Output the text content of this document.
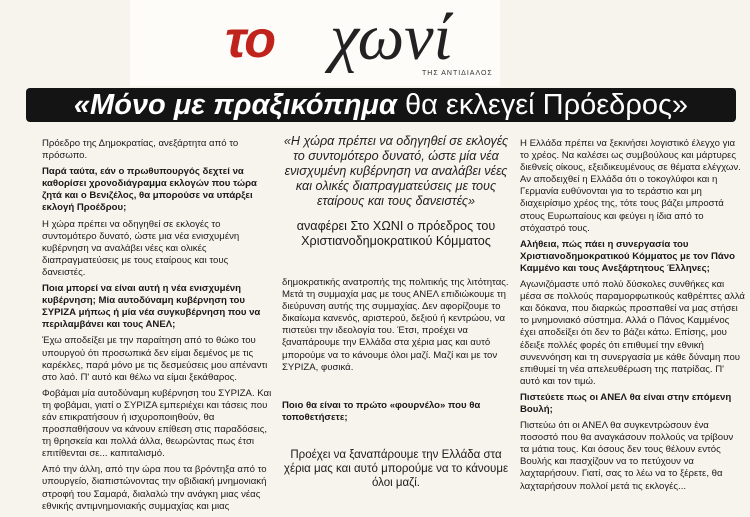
το χωνί
ΤΗΣ ΑΝΤΙΔΙΑΛΟΣ
«Μόνο με πραξικόπημα θα εκλεγεί Πρόεδρος»

Πρόεδρο της Δημοκρατίας, ανεξάρτητα από το πρόσωπο.

Παρά ταύτα, εάν ο πρωθυπουργός δεχτεί να καθορίσει χρονοδιάγραμμα εκλογών που τώρα ζητά και ο Βενιζέλος, θα μπορούσε να υπάρξει εκλογή Προέδρου;

Η χώρα πρέπει να οδηγηθεί σε εκλογές το συντομότερο δυνατό, ώστε μια νέα ενισχυμένη κυβέρνηση να αναλάβει νέες και ολικές διαπραγματεύσεις με τους εταίρους και τους δανειστές.

Ποια μπορεί να είναι αυτή η νέα ενισχυμένη κυβέρνηση; Μία αυτοδύναμη κυβέρνηση του ΣΥΡΙΖΑ μήπως ή μία νέα συγκυβέρνηση που να περιλαμβάνει και τους ΑΝΕΛ;

Έχω αποδείξει με την παραίτηση από το θώκο του υπουργού ότι προσωπικά δεν είμαι δεμένος με τις καρέκλες, παρά μόνο με τις δεσμεύσεις μου απέναντι στο λαό. Π' αυτό και θέλω να είμαι ξεκάθαρος.

Φοβάμαι μία αυτοδύναμη κυβέρνηση του ΣΥΡΙΖΑ. Και τη φοβάμαι, γιατί ο ΣΥΡΙΖΑ εμπεριέχει και τάσεις που εάν επικρατήσουν ή ισχυροποιηθούν, θα προσπαθήσουν να κάνουν επίθεση στις παραδόσεις, τη θρησκεία και πολλά άλλα, θεωρώντας πως έτσι επιτίθενται σε... καπιταλισμό.

Από την άλλη, από την ώρα που τα βρόντηξα από το υπουργείο, διαπιστώνοντας την οβιδιακή μνημονιακή στροφή του Σαμαρά, διαλαλώ την ανάγκη μιας νέας εθνικής αντιμνημονιακής συμμαχίας και μιας

«Η χώρα πρέπει να οδηγηθεί σε εκλογές το συντομότερο δυνατό, ώστε μία νέα ενισχυμένη κυβέρνηση να αναλάβει νέες και ολικές διαπραγματεύσεις με τους εταίρους και τους δανειστές»
αναφέρει Στο ΧΩΝΙ ο πρόεδρος του Χριστιανοδημοκρατικού Κόμματος
δημοκρατικής ανατροπής της πολιτικής της λιτότητας. Μετά τη συμμαχία μας με τους ΑΝΕΛ επιδιώκουμε τη διεύρυνση αυτής της συμμαχίας. Δεν αφορίζουμε το δικαίωμα κανενός, αριστερού, δεξιού ή κεντρώου, να πιστεύει την ιδεολογία του. Έτσι, προέχει να ξαναπάρουμε την Ελλάδα στα χέρια μας και αυτό μπορούμε να το κάνουμε όλοι μαζί. Μαζί και με τον ΣΥΡΙΖΑ, φυσικά.
Ποιο θα είναι το πρώτο «φουρνέλο» που θα τοποθετήσετε;
Προέχει να ξαναπάρουμε την Ελλάδα στα χέρια μας και αυτό μπορούμε να το κάνουμε όλοι μαζί.

Η Ελλάδα πρέπει να ξεκινήσει λογιστικό έλεγχο για το χρέος. Να καλέσει ως συμβούλους και μάρτυρες διεθνείς οίκους, εξειδικευμένους σε θέματα ελέγχων. Αν αποδειχθεί η Ελλάδα ότι ο τοκογλύφοι και η Γερμανία ευθύνονται για το τεράστιο και μη διαχειρίσιμο χρέος της, τότε τους βάζει μπροστά στους Ευρωπαίους και φεύγει η ίδια από το στόχαστρό τους.

Αλήθεια, πώς πάει η συνεργασία του Χριστιανοδημοκρατικού Κόμματος με τον Πάνο Καμμένο και τους Ανεξάρτητους Έλληνες;

Αγωνιζόμαστε υπό πολύ δύσκολες συνθήκες και μέσα σε πολλούς παραμορφωτικούς καθρέπτες αλλά και δόκανα, που διαρκώς προσπαθεί να μας στήσει το μνημονιακό σύστημα. Αλλά ο Πάνος Καμμένος έχει αποδείξει ότι δεν το βάζει κάτω. Επίσης, μου έδειξε πολλές φορές ότι επιθυμεί την εθνική συνεννόηση και τη συνεργασία με κάθε δύναμη που επιθυμεί τη νέα απελευθέρωση της πατρίδας. Π' αυτό και τον τιμώ.

Πιστεύετε πως οι ΑΝΕΛ θα είναι στην επόμενη Βουλή;

Πιστεύω ότι οι ΑΝΕΛ θα συγκεντρώσουν ένα ποσοστό που θα αναγκάσουν πολλούς να τρίβουν τα μάτια τους. Και όσους δεν τους θέλουν εντός Βουλής και πασχίζουν να το πετύχουν να λαχταρήσουν. Γιατί, σας το λέω να το ξέρετε, θα λαχταρήσουν πολλοί μετά τις εκλογές...
